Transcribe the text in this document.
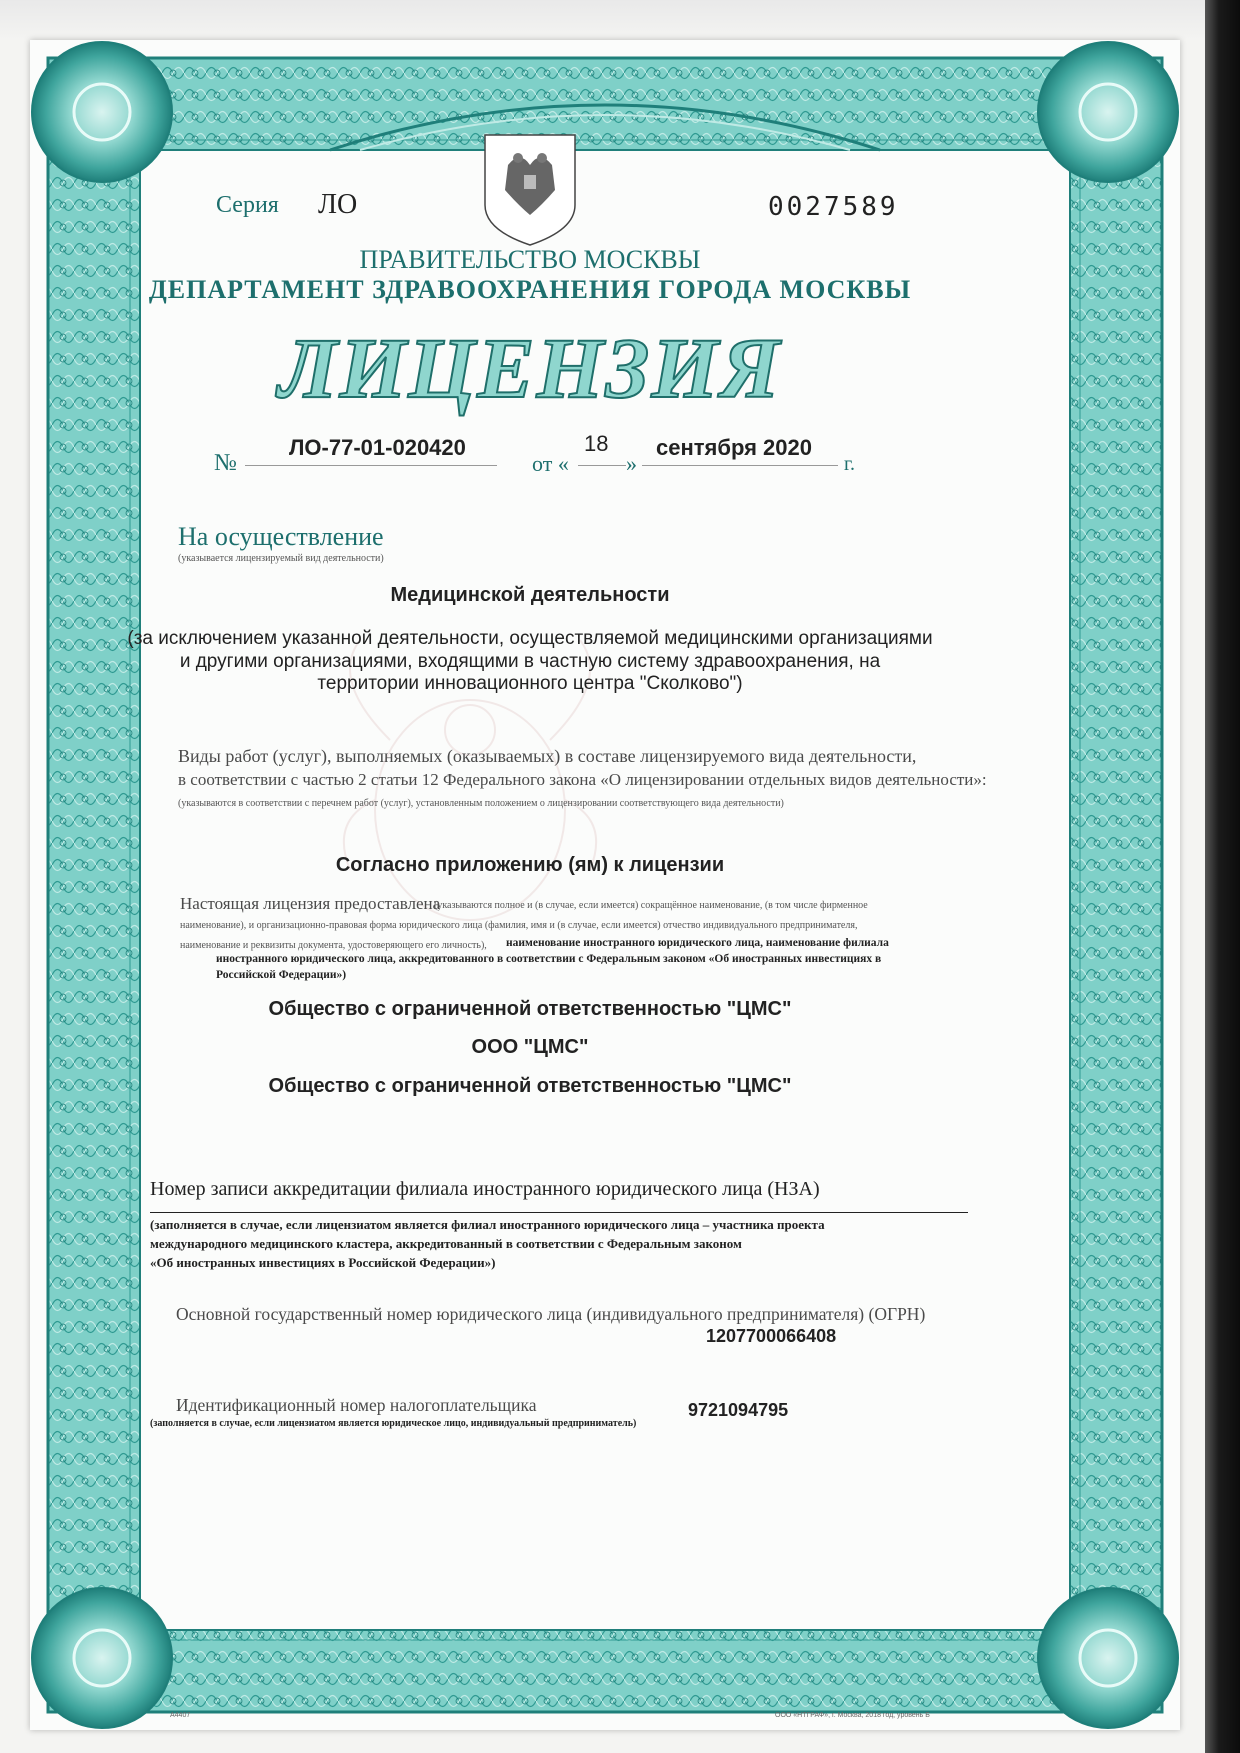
Серия ЛО	0027589

ПРАВИТЕЛЬСТВО МОСКВЫ

ДЕПАРТАМЕНТ ЗДРАВООХРАНЕНИЯ ГОРОДА МОСКВЫ

ЛИЦЕНЗИЯ

№

ЛО-77-01-020420

от «

18

»

сентября 2020

г.

На осуществление

(указывается лицензируемый вид деятельности)

Медицинской деятельности

(за исключением указанной деятельности, осуществляемой медицинскими организациями

и другими организациями, входящими в частную систему здравоохранения, на

территории инновационного центра "Сколково")

Виды работ (услуг), выполняемых (оказываемых) в составе лицензируемого вида деятельности,

в соответствии с частью 2 статьи 12 Федерального закона «О лицензировании отдельных видов деятельности»:

(указываются в соответствии с перечнем работ (услуг), установленным положением о лицензировании соответствующего вида деятельности)

Согласно приложению (ям) к лицензии

Настоящая лицензия предоставлена

(указываются полное и (в случае, если имеется) сокращённое наименование, (в том числе фирменное

наименование), и организационно-правовая форма юридического лица (фамилия, имя и (в случае, если имеется) отчество индивидуального предпринимателя,

наименование и реквизиты документа, удостоверяющего его личность), наименование иностранного юридического лица, наименование филиала

иностранного юридического лица, аккредитованного в соответствии с Федеральным законом «Об иностранных инвестициях в

Российской Федерации»)

Общество с ограниченной ответственностью "ЦМС"

ООО "ЦМС"

Общество с ограниченной ответственностью "ЦМС"

Номер записи аккредитации филиала иностранного юридического лица (НЗА)

(заполняется в случае, если лицензиатом является филиал иностранного юридического лица – участника проекта

международного медицинского кластера, аккредитованный в соответствии с Федеральным законом

«Об иностранных инвестициях в Российской Федерации»)

Основной государственный номер юридического лица (индивидуального предпринимателя) (ОГРН)

1207700066408

Идентификационный номер налогоплательщика

(заполняется в случае, если лицензиатом является юридическое лицо, индивидуальный предприниматель)

9721094795

А4407	ООО «НТГРАФ», г. Москва, 2018 год, уровень Б
